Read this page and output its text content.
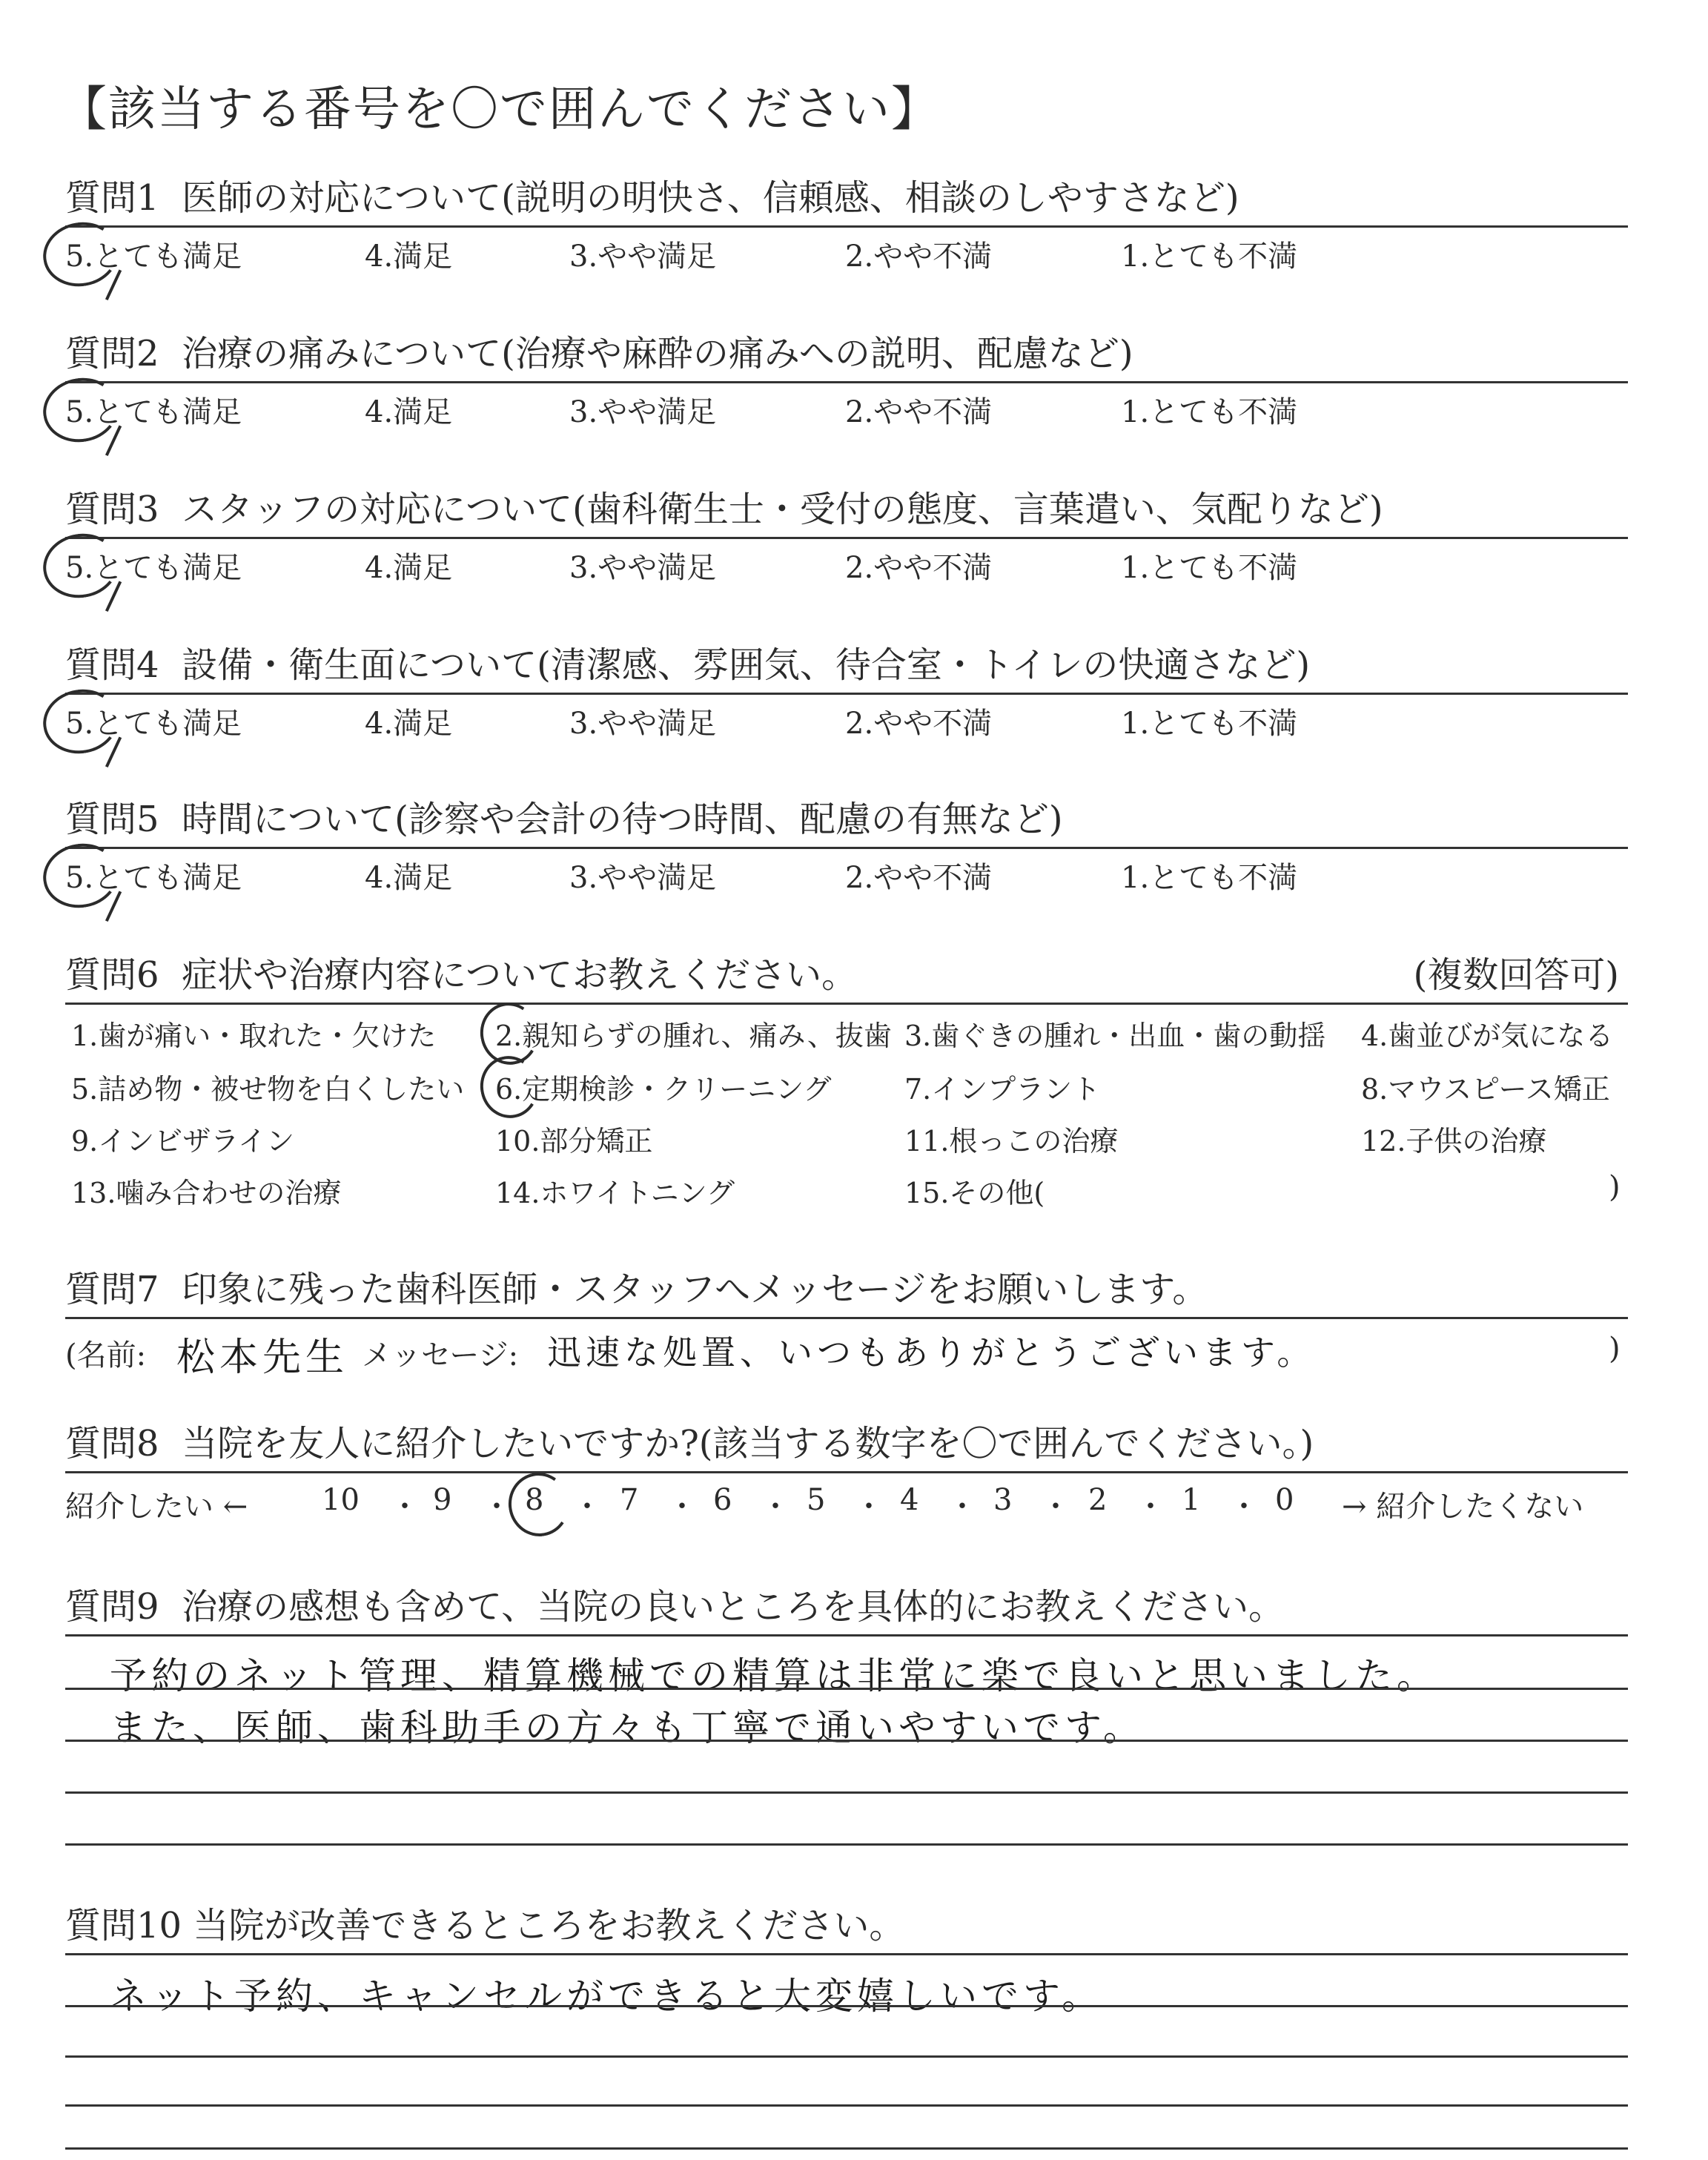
【該当する番号を〇で囲んでください】
質問1 医師の対応について(説明の明快さ、信頼感、相談のしやすさなど)
5.とても満足	4.満足	3.やや満足	2.やや不満	1.とても不満
質問2 治療の痛みについて(治療や麻酔の痛みへの説明、配慮など)
5.とても満足	4.満足	3.やや満足	2.やや不満	1.とても不満
質問3 スタッフの対応について(歯科衛生士・受付の態度、言葉遣い、気配りなど)
5.とても満足	4.満足	3.やや満足	2.やや不満	1.とても不満
質問4 設備・衛生面について(清潔感、雰囲気、待合室・トイレの快適さなど)
5.とても満足	4.満足	3.やや満足	2.やや不満	1.とても不満
質問5 時間について(診察や会計の待つ時間、配慮の有無など)
5.とても満足	4.満足	3.やや満足	2.やや不満	1.とても不満
質問6 症状や治療内容についてお教えください。	(複数回答可)
1.歯が痛い・取れた・欠けた 2.親知らずの腫れ、痛み、抜歯 3.歯ぐきの腫れ・出血・歯の動揺 4.歯並びが気になる
5.詰め物・被せ物を白くしたい 6.定期検診・クリーニング	7.インプラント	8.マウスピース矯正
9.インビザライン	10.部分矯正	11.根っこの治療	12.子供の治療
13.噛み合わせの治療	14.ホワイトニング	15.その他(	)
質問7 印象に残った歯科医師・スタッフへメッセージをお願いします。
(名前: 松本先生 メッセージ: 迅速な処置、いつもありがとうございます。	)
質問8 当院を友人に紹介したいですか?(該当する数字を〇で囲んでください。)
紹介したい ← 10 ・ 9 ・ 8 ・ 7 ・ 6 ・ 5 ・ 4 ・ 3 ・ 2 ・ 1 ・ 0 → 紹介したくない
質問9 治療の感想も含めて、当院の良いところを具体的にお教えください。
予約のネット管理、精算機械での精算は非常に楽で良いと思いました。
また、医師、歯科助手の方々も丁寧で通いやすいです。
質問10 当院が改善できるところをお教えください。
ネット予約、キャンセルができると大変嬉しいです。
